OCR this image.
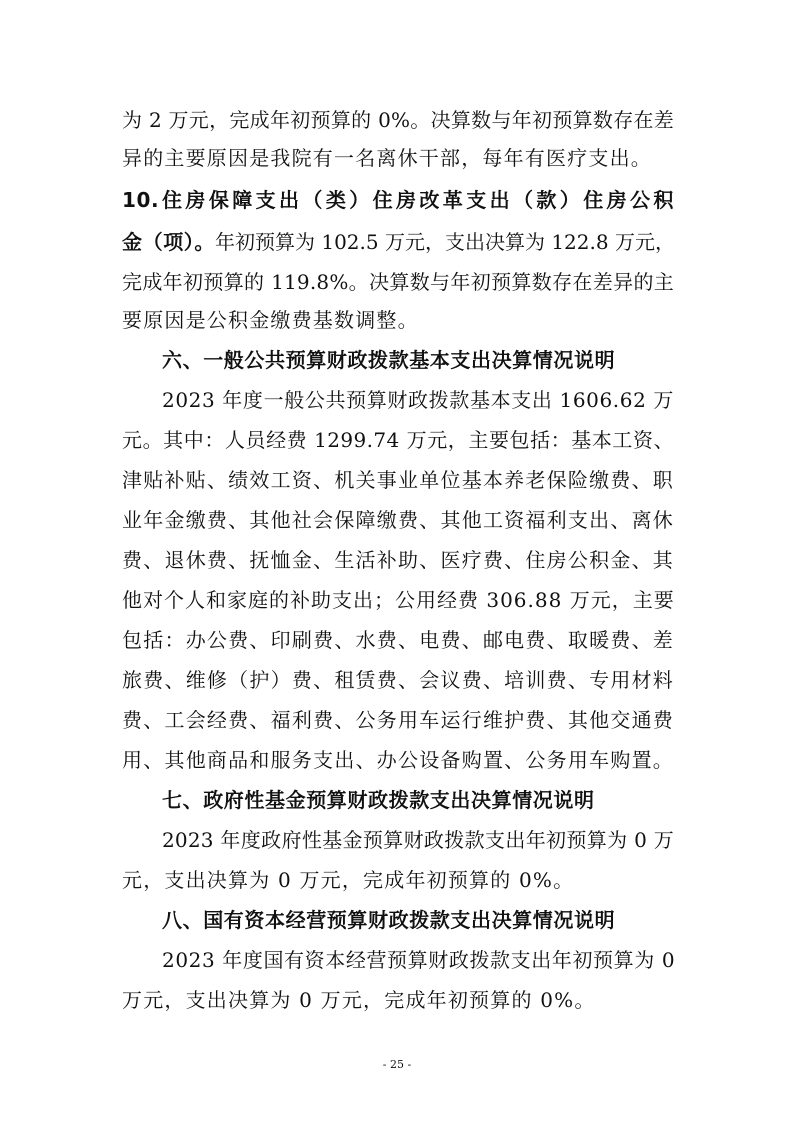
为 2 万元，完成年初预算的 0%。决算数与年初预算数存在差
异的主要原因是我院有一名离休干部，每年有医疗支出。
10.住房保障支出（类）住房改革支出（款）住房公积
金（项）。年初预算为 102.5 万元，支出决算为 122.8 万元，
完成年初预算的 119.8%。决算数与年初预算数存在差异的主
要原因是公积金缴费基数调整。
六、一般公共预算财政拨款基本支出决算情况说明
2023 年度一般公共预算财政拨款基本支出 1606.62 万
元。其中：人员经费 1299.74 万元，主要包括：基本工资、
津贴补贴、绩效工资、机关事业单位基本养老保险缴费、职
业年金缴费、其他社会保障缴费、其他工资福利支出、离休
费、退休费、抚恤金、生活补助、医疗费、住房公积金、其
他对个人和家庭的补助支出；公用经费 306.88 万元，主要
包括：办公费、印刷费、水费、电费、邮电费、取暖费、差
旅费、维修（护）费、租赁费、会议费、培训费、专用材料
费、工会经费、福利费、公务用车运行维护费、其他交通费
用、其他商品和服务支出、办公设备购置、公务用车购置。
七、政府性基金预算财政拨款支出决算情况说明
2023 年度政府性基金预算财政拨款支出年初预算为 0 万
元，支出决算为 0 万元，完成年初预算的 0%。
八、国有资本经营预算财政拨款支出决算情况说明
2023 年度国有资本经营预算财政拨款支出年初预算为 0
万元，支出决算为 0 万元，完成年初预算的 0%。
- 25 -
